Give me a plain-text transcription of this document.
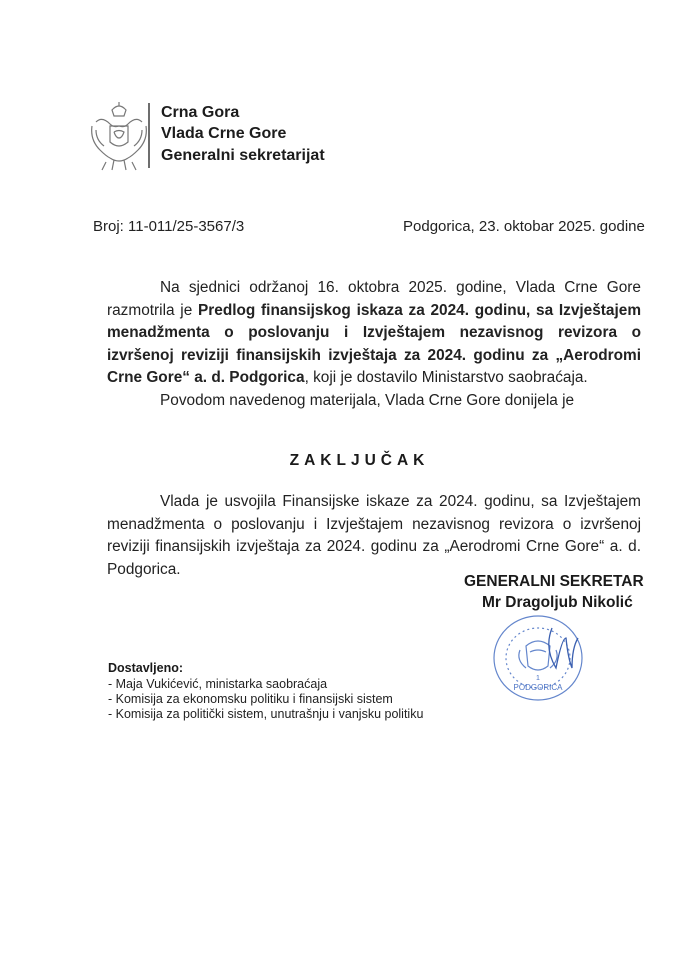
Crna Gora
Vlada Crne Gore
Generalni sekretarijat
Broj: 11-011/25-3567/3	Podgorica, 23. oktobar 2025. godine
Na sjednici održanoj 16. oktobra 2025. godine, Vlada Crne Gore
razmotrila je Predlog finansijskog iskaza za 2024. godinu, sa Izvještajem
menadžmenta o poslovanju i Izvještajem nezavisnog revizora o
izvršenoj reviziji finansijskih izvještaja za 2024. godinu za „Aerodromi
Crne Gore“ a. d. Podgorica, koji je dostavilo Ministarstvo saobraćaja.
Povodom navedenog materijala, Vlada Crne Gore donijela je
ZAKLJUČAK
Vlada je usvojila Finansijske iskaze za 2024. godinu, sa Izvještajem
menadžmenta o poslovanju i Izvještajem nezavisnog revizora o izvršenoj
reviziji finansijskih izvještaja za 2024. godinu za „Aerodromi Crne Gore“ a. d.
Podgorica.
PODGORICA
1
GENERALNI SEKRETAR
Mr Dragoljub Nikolić
Dostavljeno:
- Maja Vukićević, ministarka saobraćaja
- Komisija za ekonomsku politiku i finansijski sistem
- Komisija za politički sistem, unutrašnju i vanjsku politiku
